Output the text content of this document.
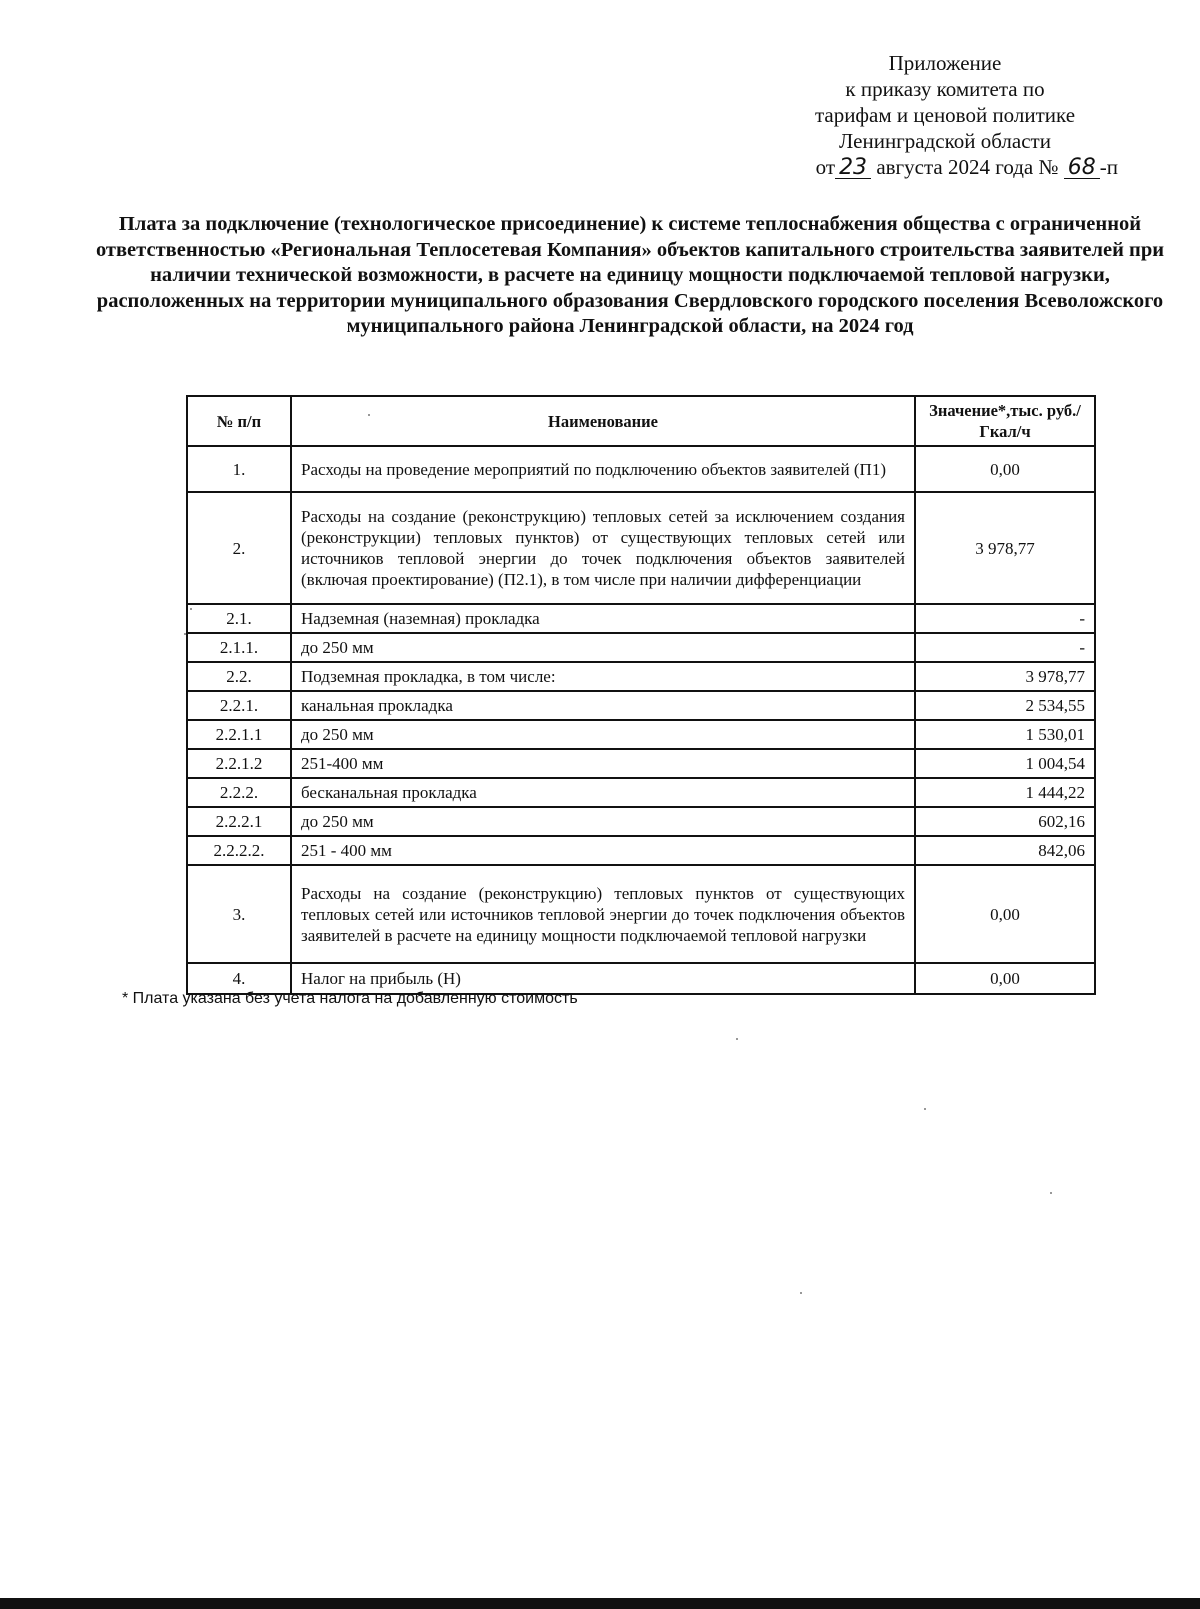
Приложение
к приказу комитета по
тарифам и ценовой политике
Ленинградской области
от 23 августа 2024 года № 68 -п
Плата за подключение (технологическое присоединение) к системе теплоснабжения общества с ограниченной ответственностью «Региональная Теплосетевая Компания» объектов капитального строительства заявителей при наличии технической возможности, в расчете на единицу мощности подключаемой тепловой нагрузки, расположенных на территории муниципального образования Свердловского городского поселения Всеволожского муниципального района Ленинградской области, на 2024 год
№ п/п	Наименование	Значение*,тыс. руб./Гкал/ч
1.	Расходы на проведение мероприятий по подключению объектов заявителей (П1)	0,00
2.	Расходы на создание (реконструкцию) тепловых сетей за исключением создания (реконструкции) тепловых пунктов) от существующих тепловых сетей или источников тепловой энергии до точек подключения объектов заявителей (включая проектирование) (П2.1), в том числе при наличии дифференциации	3 978,77
2.1.	Надземная (наземная) прокладка	-
2.1.1.	до 250 мм	-
2.2.	Подземная прокладка, в том числе:	3 978,77
2.2.1.	канальная прокладка	2 534,55
2.2.1.1	до 250 мм	1 530,01
2.2.1.2	251-400 мм	1 004,54
2.2.2.	бесканальная прокладка	1 444,22
2.2.2.1	до 250 мм	602,16
2.2.2.2.	251 - 400 мм	842,06
3.	Расходы на создание (реконструкцию) тепловых пунктов от существующих тепловых сетей или источников тепловой энергии до точек подключения объектов заявителей в расчете на единицу мощности подключаемой тепловой нагрузки	0,00
4.	Налог на прибыль (Н)	0,00
* Плата указана без учета налога на добавленную стоимость
